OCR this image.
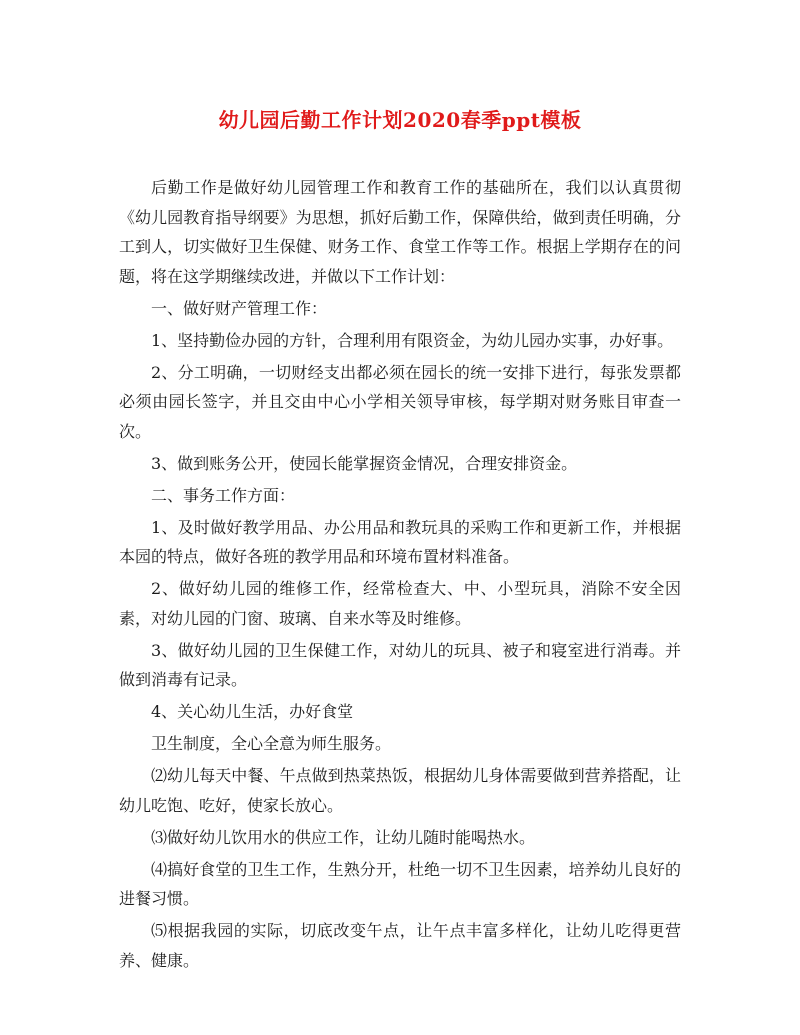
幼儿园后勤工作计划2020春季ppt模板

后勤工作是做好幼儿园管理工作和教育工作的基础所在，我们以认真贯彻《幼儿园教育指导纲要》为思想，抓好后勤工作，保障供给，做到责任明确，分工到人，切实做好卫生保健、财务工作、食堂工作等工作。根据上学期存在的问题，将在这学期继续改进，并做以下工作计划：

一、做好财产管理工作：

1、坚持勤俭办园的方针，合理利用有限资金，为幼儿园办实事，办好事。

2、分工明确，一切财经支出都必须在园长的统一安排下进行，每张发票都必须由园长签字，并且交由中心小学相关领导审核，每学期对财务账目审查一次。

3、做到账务公开，使园长能掌握资金情况，合理安排资金。

二、事务工作方面：

1、及时做好教学用品、办公用品和教玩具的采购工作和更新工作，并根据本园的特点，做好各班的教学用品和环境布置材料准备。

2、做好幼儿园的维修工作，经常检查大、中、小型玩具，消除不安全因素，对幼儿园的门窗、玻璃、自来水等及时维修。

3、做好幼儿园的卫生保健工作，对幼儿的玩具、被子和寝室进行消毒。并做到消毒有记录。

4、关心幼儿生活，办好食堂

卫生制度，全心全意为师生服务。

⑵幼儿每天中餐、午点做到热菜热饭，根据幼儿身体需要做到营养搭配，让幼儿吃饱、吃好，使家长放心。

⑶做好幼儿饮用水的供应工作，让幼儿随时能喝热水。

⑷搞好食堂的卫生工作，生熟分开，杜绝一切不卫生因素，培养幼儿良好的进餐习惯。

⑸根据我园的实际，切底改变午点，让午点丰富多样化，让幼儿吃得更营养、健康。
